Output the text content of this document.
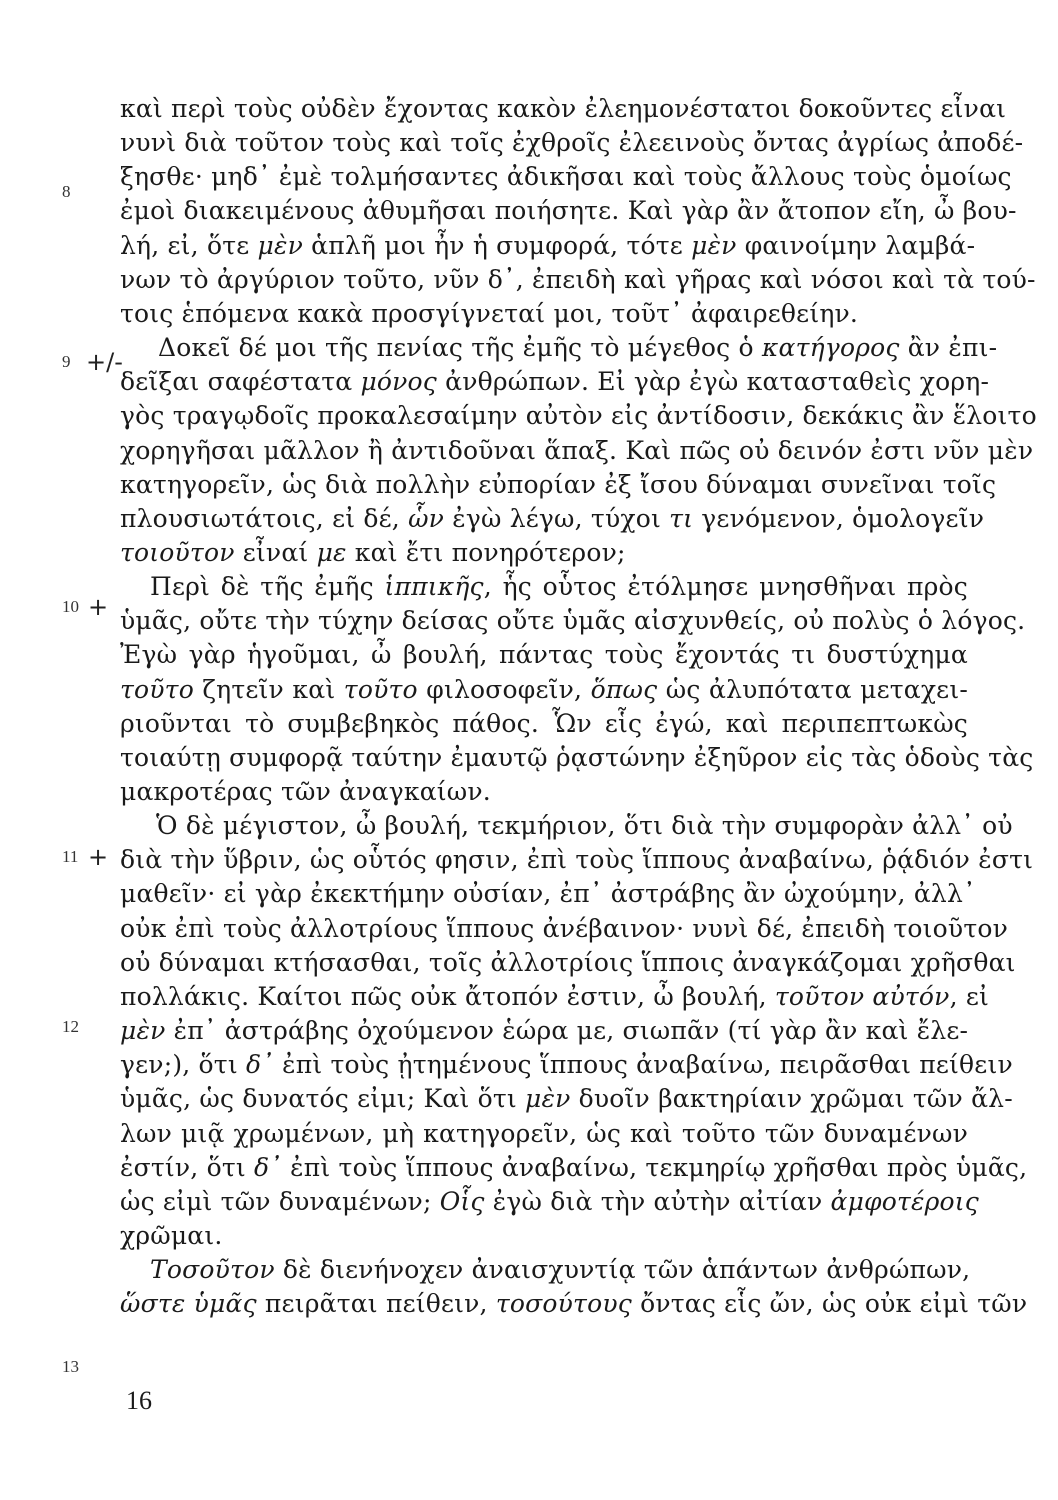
καὶ περὶ τοὺς οὐδὲν ἔχοντας κακὸν ἐλεημονέστατοι δοκοῦντες εἶναι
νυνὶ διὰ τοῦτον τοὺς καὶ τοῖς ἐχθροῖς ἐλεεινοὺς ὄντας ἀγρίως ἀποδέ-
ξησθε· μηδ᾽ ἐμὲ τολμήσαντες ἀδικῆσαι καὶ τοὺς ἄλλους τοὺς ὁμοίως
ἐμοὶ διακειμένους ἀθυμῆσαι ποιήσητε. Καὶ γὰρ ἂν ἄτοπον εἴη, ὦ βου-
λή, εἰ, ὅτε μὲν ἁπλῆ μοι ἦν ἡ συμφορά, τότε μὲν φαινοίμην λαμβά-
νων τὸ ἀργύριον τοῦτο, νῦν δ᾽, ἐπειδὴ καὶ γῆρας καὶ νόσοι καὶ τὰ τού-
τοις ἑπόμενα κακὰ προσγίγνεταί μοι, τοῦτ᾽ ἀφαιρεθείην.
Δοκεῖ δέ μοι τῆς πενίας τῆς ἐμῆς τὸ μέγεθος ὁ κατήγορος ἂν ἐπι-
δεῖξαι σαφέστατα μόνος ἀνθρώπων. Εἰ γὰρ ἐγὼ κατασταθεὶς χορη-
γὸς τραγῳδοῖς προκαλεσαίμην αὐτὸν εἰς ἀντίδοσιν, δεκάκις ἂν ἕλοιτο
χορηγῆσαι μᾶλλον ἢ ἀντιδοῦναι ἅπαξ. Καὶ πῶς οὐ δεινόν ἐστι νῦν μὲν
κατηγορεῖν, ὡς διὰ πολλὴν εὐπορίαν ἐξ ἴσου δύναμαι συνεῖναι τοῖς
πλουσιωτάτοις, εἰ δέ, ὧν ἐγὼ λέγω, τύχοι τι γενόμενον, ὁμολογεῖν
τοιοῦτον εἶναί με καὶ ἔτι πονηρότερον;
Περὶ δὲ τῆς ἐμῆς ἱππικῆς, ἧς οὗτος ἐτόλμησε μνησθῆναι πρὸς
ὑμᾶς, οὔτε τὴν τύχην δείσας οὔτε ὑμᾶς αἰσχυνθείς, οὐ πολὺς ὁ λόγος.
Ἐγὼ γὰρ ἡγοῦμαι, ὦ βουλή, πάντας τοὺς ἔχοντάς τι δυστύχημα
τοῦτο ζητεῖν καὶ τοῦτο φιλοσοφεῖν, ὅπως ὡς ἀλυπότατα μεταχει-
ριοῦνται τὸ συμβεβηκὸς πάθος. Ὧν εἷς ἐγώ, καὶ περιπεπτωκὼς
τοιαύτῃ συμφορᾷ ταύτην ἐμαυτῷ ῥᾳστώνην ἐξηῦρον εἰς τὰς ὁδοὺς τὰς
μακροτέρας τῶν ἀναγκαίων.
Ὁ δὲ μέγιστον, ὦ βουλή, τεκμήριον, ὅτι διὰ τὴν συμφορὰν ἀλλ᾽ οὐ
διὰ τὴν ὕβριν, ὡς οὗτός φησιν, ἐπὶ τοὺς ἵππους ἀναβαίνω, ῥᾴδιόν ἐστι
μαθεῖν· εἰ γὰρ ἐκεκτήμην οὐσίαν, ἐπ᾽ ἀστράβης ἂν ὠχούμην, ἀλλ᾽
οὐκ ἐπὶ τοὺς ἀλλοτρίους ἵππους ἀνέβαινον· νυνὶ δέ, ἐπειδὴ τοιοῦτον
οὐ δύναμαι κτήσασθαι, τοῖς ἀλλοτρίοις ἵπποις ἀναγκάζομαι χρῆσθαι
πολλάκις. Καίτοι πῶς οὐκ ἄτοπόν ἐστιν, ὦ βουλή, τοῦτον αὐτόν, εἰ
μὲν ἐπ᾽ ἀστράβης ὀχούμενον ἑώρα με, σιωπᾶν (τί γὰρ ἂν καὶ ἔλε-
γεν;), ὅτι δ᾽ ἐπὶ τοὺς ᾐτημένους ἵππους ἀναβαίνω, πειρᾶσθαι πείθειν
ὑμᾶς, ὡς δυνατός εἰμι; Καὶ ὅτι μὲν δυοῖν βακτηρίαιν χρῶμαι τῶν ἄλ-
λων μιᾷ χρωμένων, μὴ κατηγορεῖν, ὡς καὶ τοῦτο τῶν δυναμένων
ἐστίν, ὅτι δ᾽ ἐπὶ τοὺς ἵππους ἀναβαίνω, τεκμηρίῳ χρῆσθαι πρὸς ὑμᾶς,
ὡς εἰμὶ τῶν δυναμένων; Οἷς ἐγὼ διὰ τὴν αὐτὴν αἰτίαν ἀμφοτέροις
χρῶμαι.
Τοσοῦτον δὲ διενήνοχεν ἀναισχυντίᾳ τῶν ἁπάντων ἀνθρώπων,
ὥστε ὑμᾶς πειρᾶται πείθειν, τοσούτους ὄντας εἷς ὤν, ὡς οὐκ εἰμὶ τῶν
8
9
10
11
12
13
+/-
+
+
16
